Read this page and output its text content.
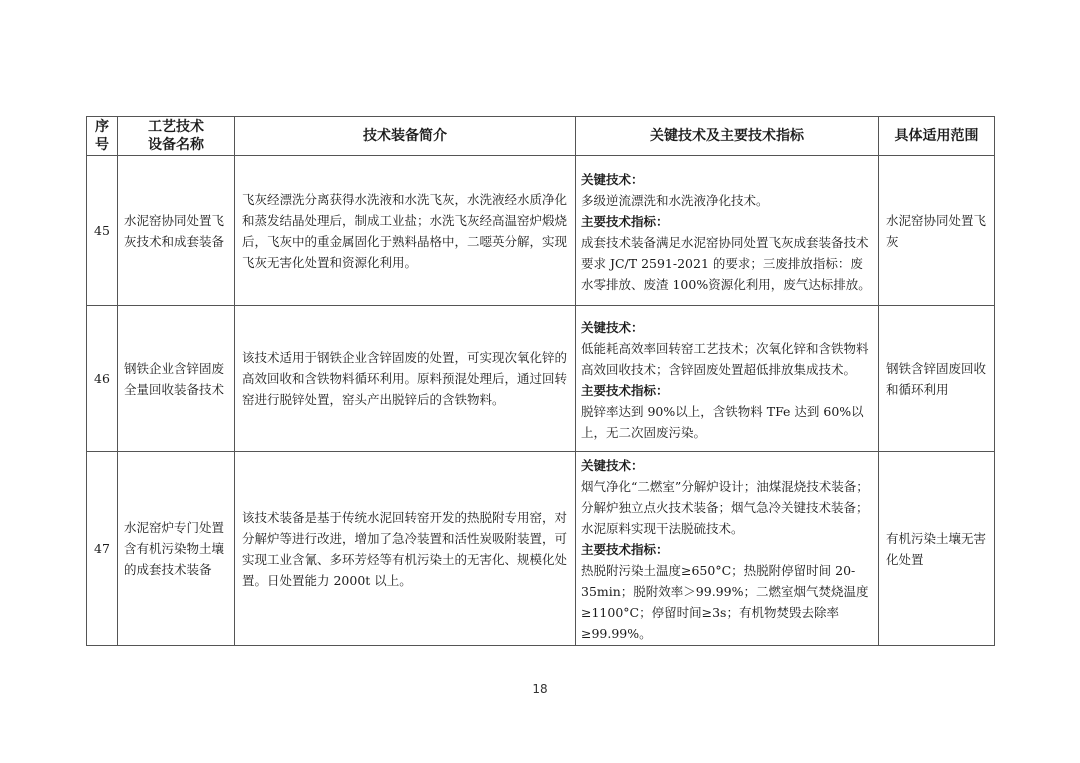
序号	工艺技术设备名称	技术装备简介	关键技术及主要技术指标	具体适用范围
45	水泥窑协同处置飞灰技术和成套装备	飞灰经漂洗分离获得水洗液和水洗飞灰，水洗液经水质净化和蒸发结晶处理后，制成工业盐；水洗飞灰经高温窑炉煅烧后，飞灰中的重金属固化于熟料晶格中，二噁英分解，实现飞灰无害化处置和资源化利用。	关键技术：
多级逆流漂洗和水洗液净化技术。
主要技术指标：
成套技术装备满足水泥窑协同处置飞灰成套装备技术要求 JC/T 2591-2021 的要求；三废排放指标：废水零排放、废渣 100%资源化利用，废气达标排放。	水泥窑协同处置飞灰
46	钢铁企业含锌固废全量回收装备技术	该技术适用于钢铁企业含锌固废的处置，可实现次氧化锌的高效回收和含铁物料循环利用。原料预混处理后，通过回转窑进行脱锌处置，窑头产出脱锌后的含铁物料。	关键技术：
低能耗高效率回转窑工艺技术；次氧化锌和含铁物料高效回收技术；含锌固废处置超低排放集成技术。
主要技术指标：
脱锌率达到 90%以上，含铁物料 TFe 达到 60%以上，无二次固废污染。	钢铁含锌固废回收和循环利用
47	水泥窑炉专门处置含有机污染物土壤的成套技术装备	该技术装备是基于传统水泥回转窑开发的热脱附专用窑，对分解炉等进行改进，增加了急冷装置和活性炭吸附装置，可实现工业含氰、多环芳烃等有机污染土的无害化、规模化处置。日处置能力 2000t 以上。	关键技术：
烟气净化“二燃室”分解炉设计；油煤混烧技术装备；分解炉独立点火技术装备；烟气急冷关键技术装备；水泥原料实现干法脱硫技术。
主要技术指标：
热脱附污染土温度≥650°C；热脱附停留时间 20-35min；脱附效率＞99.99%；二燃室烟气焚烧温度≥1100°C；停留时间≥3s；有机物焚毁去除率≥99.99%。	有机污染土壤无害化处置
18
